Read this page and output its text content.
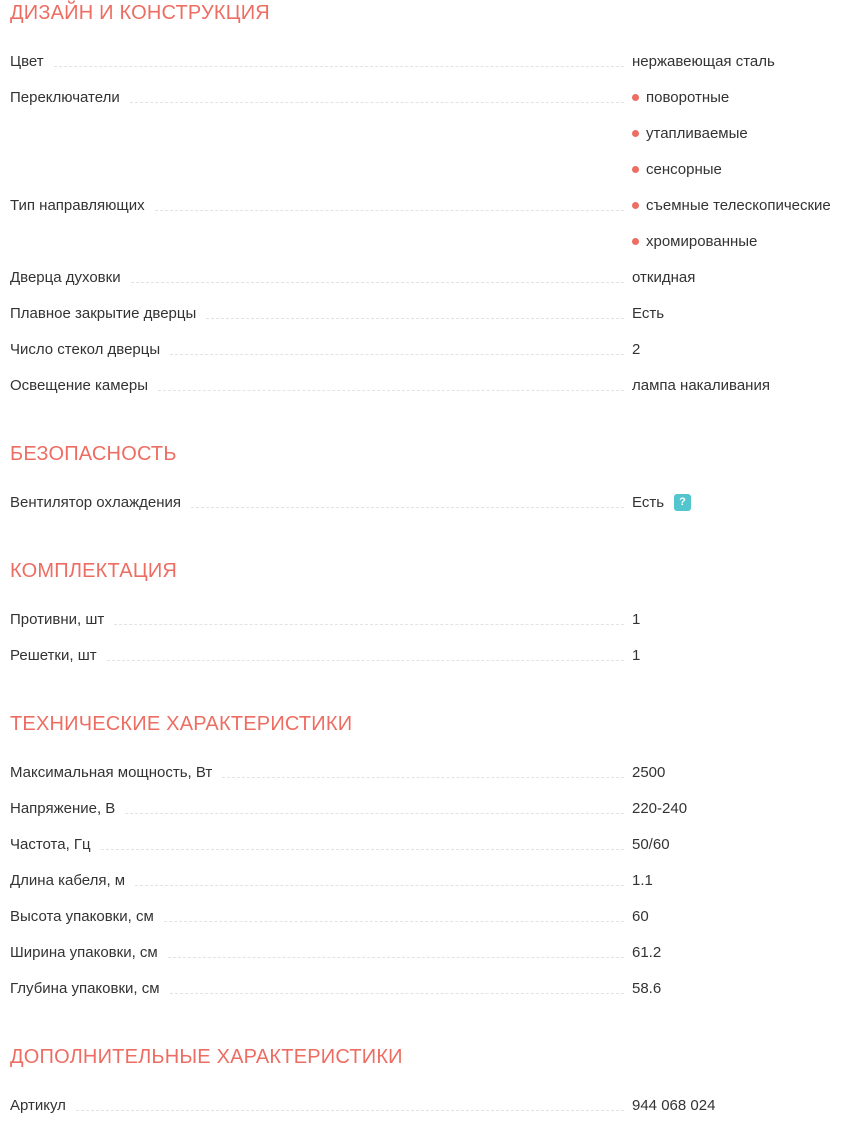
ДИЗАЙН И КОНСТРУКЦИЯ
Цвет	нержавеющая сталь
Переключатели	поворотные
утапливаемые
сенсорные
Тип направляющих	съемные телескопические
хромированные
Дверца духовки	откидная
Плавное закрытие дверцы	Есть
Число стекол дверцы	2
Освещение камеры	лампа накаливания
БЕЗОПАСНОСТЬ
Вентилятор охлаждения	Есть	?
КОМПЛЕКТАЦИЯ
Противни, шт	1
Решетки, шт	1
ТЕХНИЧЕСКИЕ ХАРАКТЕРИСТИКИ
Максимальная мощность, Вт	2500
Напряжение, В	220-240
Частота, Гц	50/60
Длина кабеля, м	1.1
Высота упаковки, см	60
Ширина упаковки, см	61.2
Глубина упаковки, см	58.6
ДОПОЛНИТЕЛЬНЫЕ ХАРАКТЕРИСТИКИ
Артикул	944 068 024
